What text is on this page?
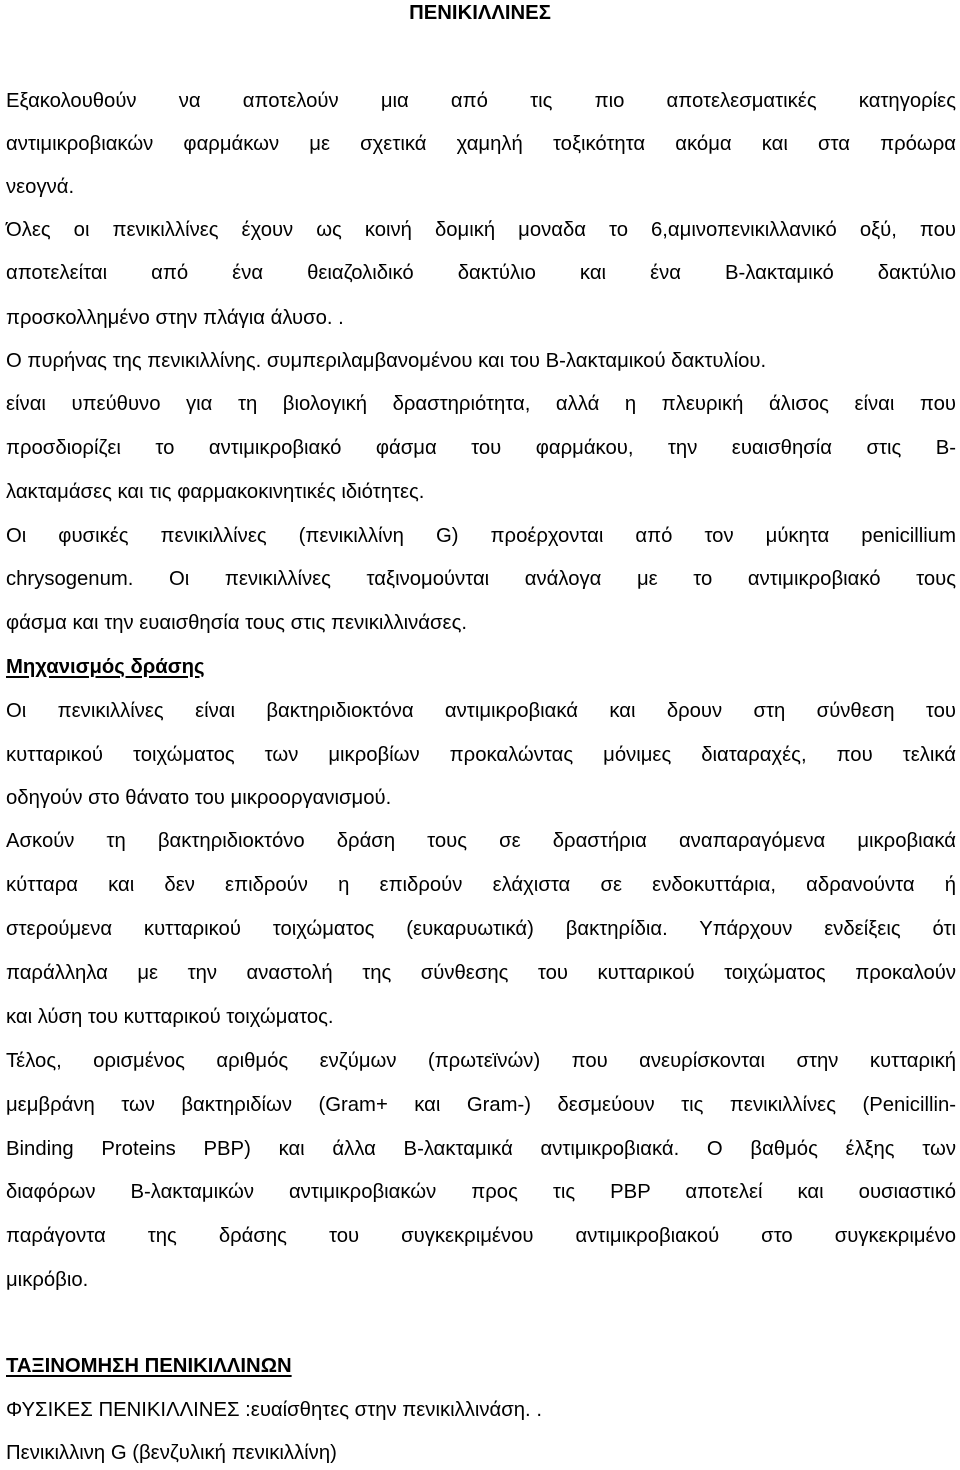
ΠΕΝΙΚΙΛΛΙΝΕΣ
Εξακολουθούν να αποτελούν μια από τις πιο αποτελεσματικές κατηγορίες
αντιμικροβιακών φαρμάκων με σχετικά χαμηλή τοξικότητα ακόμα και στα πρόωρα
νεογνά.
Όλες οι πενικιλλίνες έχουν ως κοινή δομική μοναδα το 6,αμινοπενικιλλανικό οξύ, που
αποτελείται από ένα θειαζολιδικό δακτύλιο και ένα Β-λακταμικό δακτύλιο
προσκολλημένο στην πλάγια άλυσο. .
Ο πυρήνας της πενικιλλίνης. συμπεριλαμβανομένου και του Β-λακταμικού δακτυλίου.
είναι υπεύθυνο για τη βιολογική δραστηριότητα, αλλά η πλευρική άλισος είναι που
προσδιορίζει το αντιμικροβιακό φάσμα του φαρμάκου, την ευαισθησία στις Β-
λακταμάσες και τις φαρμακοκινητικές ιδιότητες.
Οι φυσικές πενικιλλίνες (πενικιλλίνη G) προέρχονται από τον μύκητα penicillium
chrysogenum. Οι πενικιλλίνες ταξινομούνται ανάλογα με το αντιμικροβιακό τους
φάσμα και την ευαισθησία τους στις πενικιλλινάσες.
Μηχανισμός δράσης
Οι πενικιλλίνες είναι βακτηριδιοκτόνα αντιμικροβιακά και δρουν στη σύνθεση του
κυτταρικού τοιχώματος των μικροβίων προκαλώντας μόνιμες διαταραχές, που τελικά
οδηγούν στο θάνατο του μικροοργανισμού.
Ασκούν τη βακτηριδιοκτόνο δράση τους σε δραστήρια αναπαραγόμενα μικροβιακά
κύτταρα και δεν επιδρούν η επιδρούν ελάχιστα σε ενδοκυττάρια, αδρανούντα ή
στερούμενα κυτταρικού τοιχώματος (ευκαρυωτικά) βακτηρίδια. Υπάρχουν ενδείξεις ότι
παράλληλα με την αναστολή της σύνθεσης του κυτταρικού τοιχώματος προκαλούν
και λύση του κυτταρικού τοιχώματος.
Τέλος, ορισμένος αριθμός ενζύμων (πρωτεϊνών) που ανευρίσκονται στην κυτταρική
μεμβράνη των βακτηριδίων (Gram+ και Gram-) δεσμεύουν τις πενικιλλίνες (Penicillin-
Binding Proteins PBP) και άλλα Β-λακταμικά αντιμικροβιακά. Ο βαθμός έλξης των
διαφόρων Β-λακταμικών αντιμικροβιακών προς τις PBP αποτελεί και ουσιαστικό
παράγοντα της δράσης του συγκεκριμένου αντιμικροβιακού στο συγκεκριμένο
μικρόβιο.
ΤΑΞΙΝΟΜΗΣΗ ΠΕΝΙΚΙΛΛΙΝΩΝ
ΦΥΣΙΚΕΣ ΠΕΝΙΚΙΛΛΙΝΕΣ :ευαίσθητες στην πενικιλλινάση. .
Πενικιλλινη G (βενζυλική πενικιλλίνη)
